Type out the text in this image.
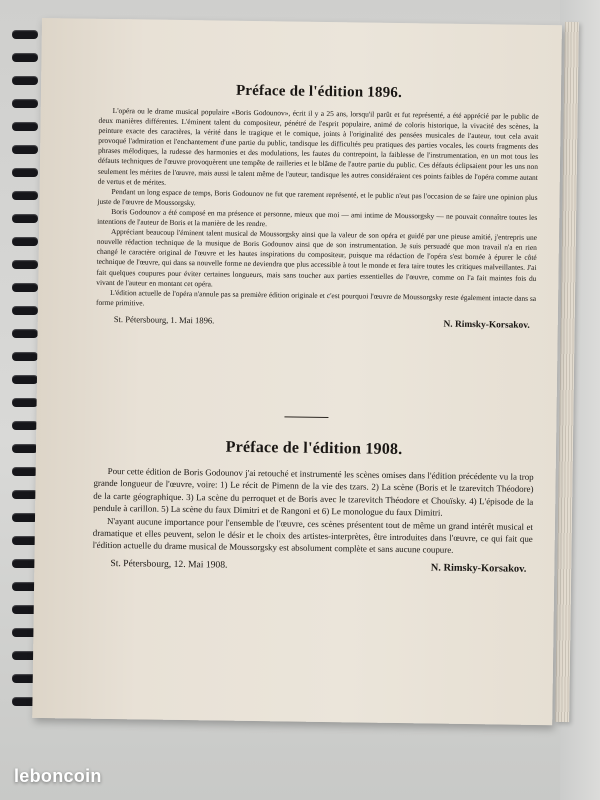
Préface de l'édition 1896.

L'opéra ou le drame musical populaire «Boris Godounov», écrit il y a 25 ans, lorsqu'il parût et fut représenté, a été apprécié par le public de deux manières différentes. L'éminent talent du compositeur, pénétré de l'esprit populaire, animé de coloris historique, la vivacité des scènes, la peinture exacte des caractères, la vérité dans le tragique et le comique, joints à l'originalité des pensées musicales de l'auteur, tout cela avait provoqué l'admiration et l'enchantement d'une partie du public, tandisque les difficultés peu pratiques des parties vocales, les courts fragments des phrases mélodiques, la rudesse des harmonies et des modulations, les fautes du contrepoint, la faiblesse de l'instrumentation, en un mot tous les défauts techniques de l'œuvre provoquèrent une tempête de railleries et le blâme de l'autre partie du public. Ces défauts éclipsaient pour les uns non seulement les mérites de l'œuvre, mais aussi le talent même de l'auteur, tandisque les autres considéraient ces points faibles de l'opéra comme autant de vertus et de mérites.

Pendant un long espace de temps, Boris Godounov ne fut que rarement représenté, et le public n'eut pas l'occasion de se faire une opinion plus juste de l'œuvre de Moussorgsky.

Boris Godounov a été composé en ma présence et personne, mieux que moi — ami intime de Moussorgsky — ne pouvait connaître toutes les intentions de l'auteur de Boris et la manière de les rendre.

Appréciant beaucoup l'éminent talent musical de Moussorgsky ainsi que la valeur de son opéra et guidé par une pieuse amitié, j'entrepris une nouvelle rédaction technique de la musique de Boris Godounov ainsi que de son instrumentation. Je suis persuadé que mon travail n'a en rien changé le caractère original de l'œuvre et les hautes inspirations du compositeur, puisque ma rédaction de l'opéra s'est bornée à épurer le côté technique de l'œuvre, qui dans sa nouvelle forme ne deviendra que plus accessible à tout le monde et fera taire toutes les critiques malveillantes. J'ai fait quelques coupures pour éviter certaines longueurs, mais sans toucher aux parties essentielles de l'œuvre, comme on l'a fait maintes fois du vivant de l'auteur en montant cet opéra.

L'édition actuelle de l'opéra n'annule pas sa première édition originale et c'est pourquoi l'œuvre de Moussorgsky reste également intacte dans sa forme primitive.

St. Pétersbourg, 1. Mai 1896.	N. Rimsky-Korsakov.
Préface de l'édition 1908.

Pour cette édition de Boris Godounov j'ai retouché et instrumenté les scènes omises dans l'édition précédente vu la trop grande longueur de l'œuvre, voire: 1) Le récit de Pimenn de la vie des tzars. 2) La scène (Boris et le tzarevitch Théodore) de la carte géographique. 3) La scène du perroquet et de Boris avec le tzarevitch Théodore et Chouïsky. 4) L'épisode de la pendule à carillon. 5) La scène du faux Dimitri et de Rangoni et 6) Le monologue du faux Dimitri.

N'ayant aucune importance pour l'ensemble de l'œuvre, ces scènes présentent tout de même un grand intérêt musical et dramatique et elles peuvent, selon le désir et le choix des artistes-interprètes, être introduites dans l'œuvre, ce qui fait que l'édition actuelle du drame musical de Moussorgsky est absolument complète et sans aucune coupure.

St. Pétersbourg, 12. Mai 1908.	N. Rimsky-Korsakov.
leboncoin
